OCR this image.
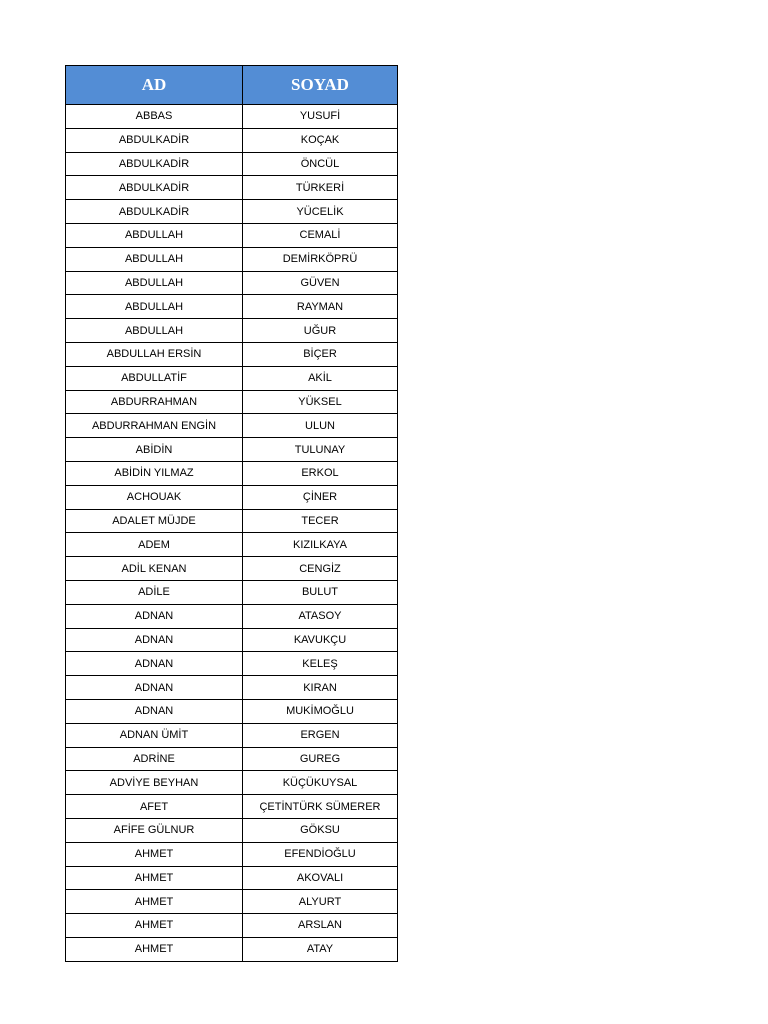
AD	SOYAD
ABBAS	YUSUFİ
ABDULKADİR	KOÇAK
ABDULKADİR	ÖNCÜL
ABDULKADİR	TÜRKERİ
ABDULKADİR	YÜCELİK
ABDULLAH	CEMALİ
ABDULLAH	DEMİRKÖPRÜ
ABDULLAH	GÜVEN
ABDULLAH	RAYMAN
ABDULLAH	UĞUR
ABDULLAH ERSİN	BİÇER
ABDULLATİF	AKİL
ABDURRAHMAN	YÜKSEL
ABDURRAHMAN ENGİN	ULUN
ABİDİN	TULUNAY
ABİDİN YILMAZ	ERKOL
ACHOUAK	ÇİNER
ADALET MÜJDE	TECER
ADEM	KIZILKAYA
ADİL KENAN	CENGİZ
ADİLE	BULUT
ADNAN	ATASOY
ADNAN	KAVUKÇU
ADNAN	KELEŞ
ADNAN	KIRAN
ADNAN	MUKİMOĞLU
ADNAN ÜMİT	ERGEN
ADRİNE	GUREG
ADVİYE BEYHAN	KÜÇÜKUYSAL
AFET	ÇETİNTÜRK SÜMERER
AFİFE GÜLNUR	GÖKSU
AHMET	EFENDİOĞLU
AHMET	AKOVALI
AHMET	ALYURT
AHMET	ARSLAN
AHMET	ATAY
